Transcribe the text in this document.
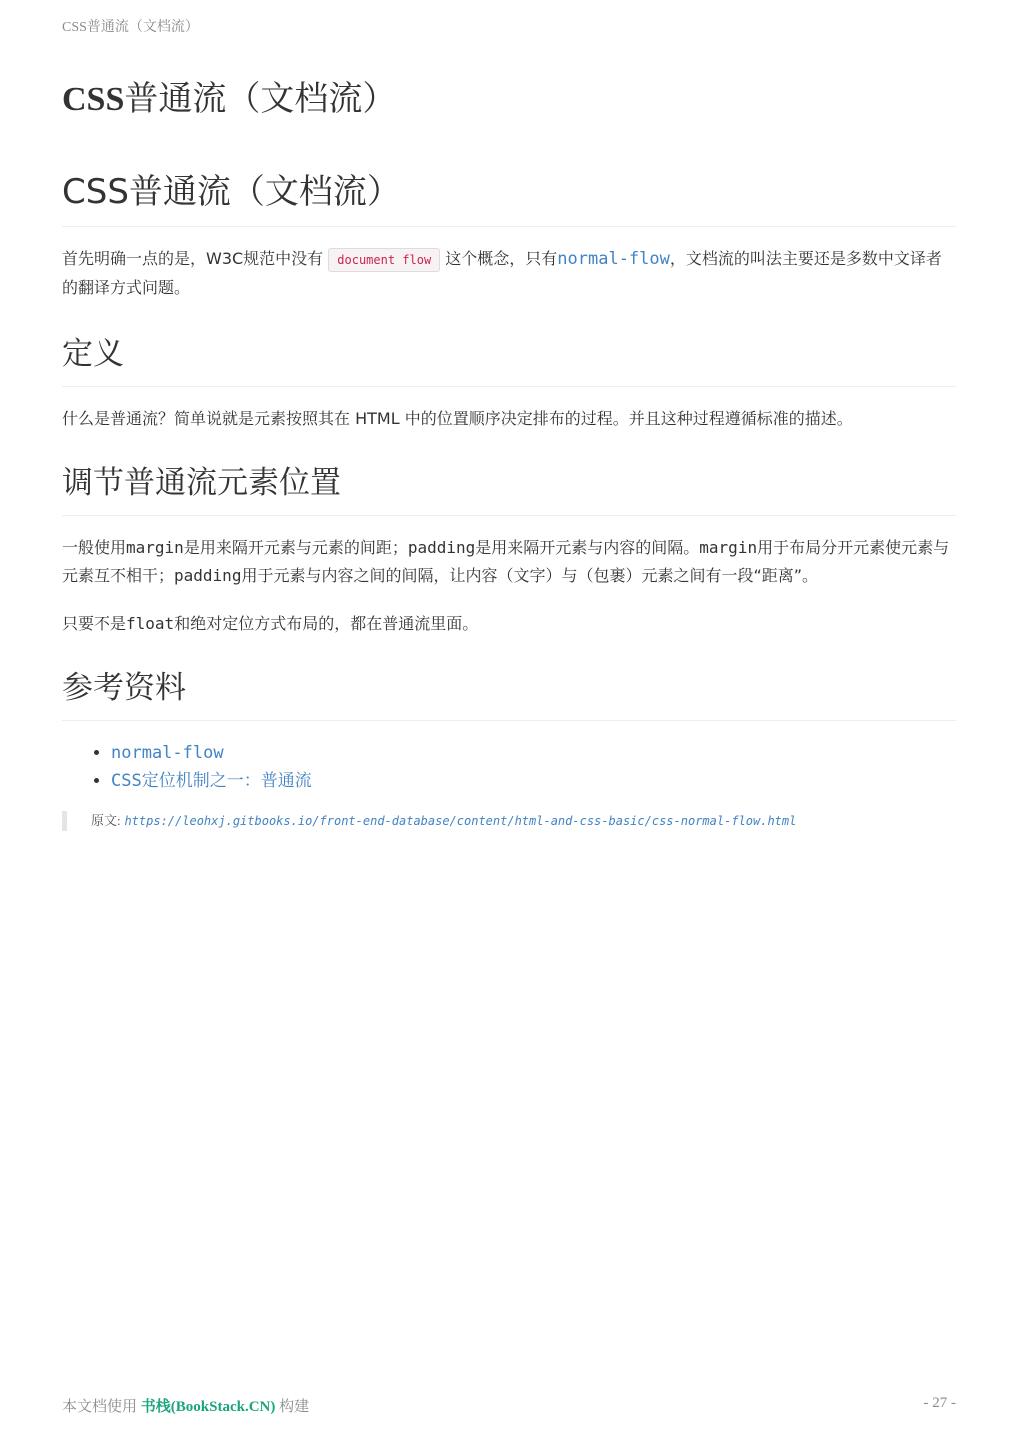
CSS普通流（文档流）
CSS普通流（文档流）
CSS普通流（文档流）

首先明确一点的是，W3C规范中没有 document flow 这个概念，只有normal-flow，文档流的叫法主要还是多数中文译者的翻译方式问题。

定义

什么是普通流？简单说就是元素按照其在 HTML 中的位置顺序决定排布的过程。并且这种过程遵循标准的描述。

调节普通流元素位置

一般使用margin是用来隔开元素与元素的间距；padding是用来隔开元素与内容的间隔。margin用于布局分开元素使元素与元素互不相干；padding用于元素与内容之间的间隔，让内容（文字）与（包裹）元素之间有一段“距离”。

只要不是float和绝对定位方式布局的，都在普通流里面。

参考资料
• normal-flow
• CSS定位机制之一：普通流
原文: https://leohxj.gitbooks.io/front-end-database/content/html-and-css-basic/css-normal-flow.html
本文档使用 书栈(BookStack.CN) 构建	- 27 -
